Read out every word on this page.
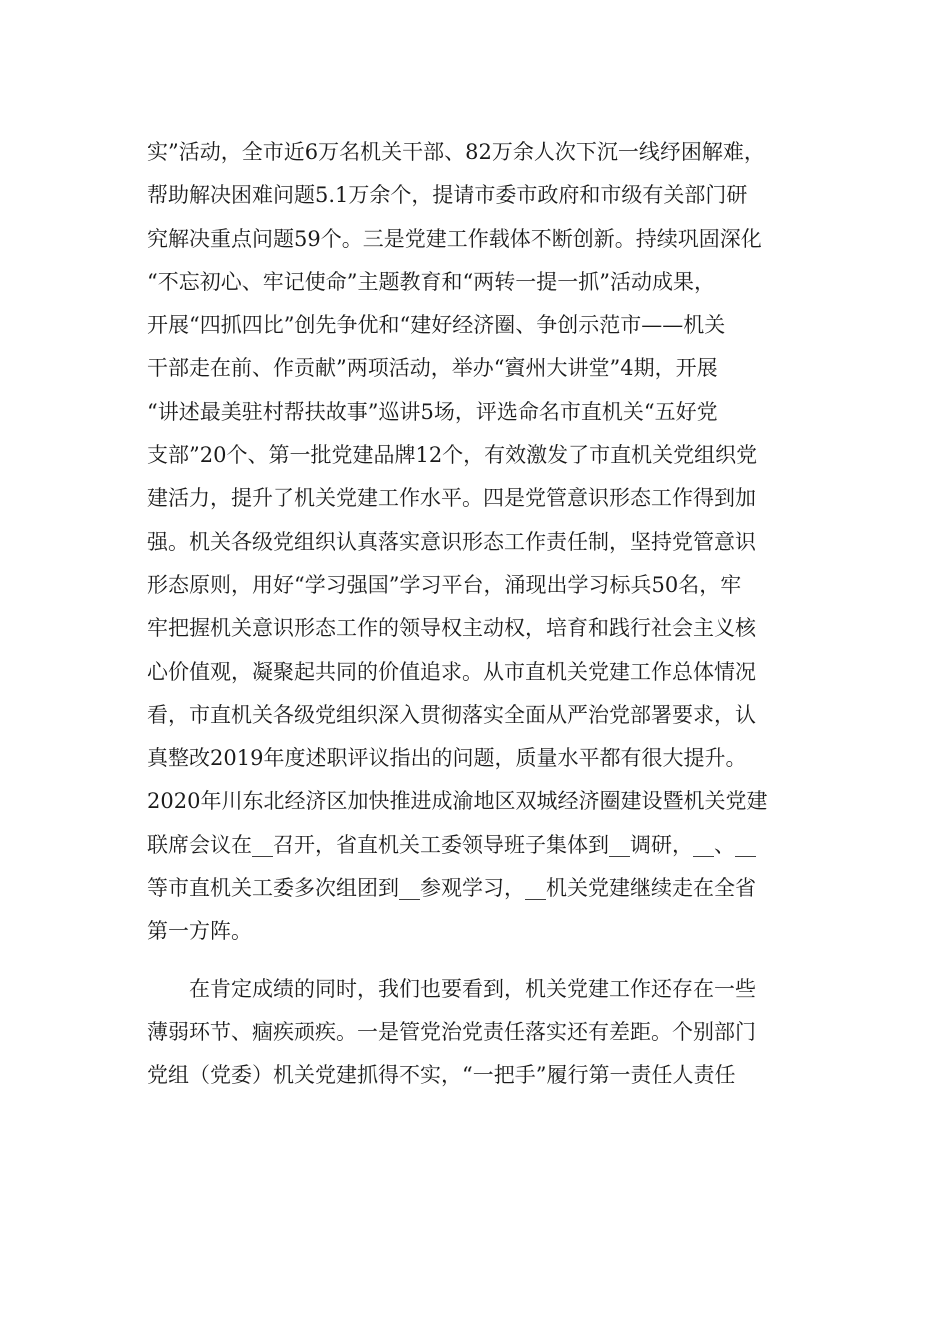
实”活动，全市近6万名机关干部、82万余人次下沉一线纾困解难，
帮助解决困难问题5.1万余个，提请市委市政府和市级有关部门研
究解决重点问题59个。三是党建工作载体不断创新。持续巩固深化
“不忘初心、牢记使命”主题教育和“两转一提一抓”活动成果，
开展“四抓四比”创先争优和“建好经济圈、争创示范市——机关
干部走在前、作贡献”两项活动，举办“賨州大讲堂”4期，开展
“讲述最美驻村帮扶故事”巡讲5场，评选命名市直机关“五好党
支部”20个、第一批党建品牌12个，有效激发了市直机关党组织党
建活力，提升了机关党建工作水平。四是党管意识形态工作得到加
强。机关各级党组织认真落实意识形态工作责任制，坚持党管意识
形态原则，用好“学习强国”学习平台，涌现出学习标兵50名，牢
牢把握机关意识形态工作的领导权主动权，培育和践行社会主义核
心价值观，凝聚起共同的价值追求。从市直机关党建工作总体情况
看，市直机关各级党组织深入贯彻落实全面从严治党部署要求，认
真整改2019年度述职评议指出的问题，质量水平都有很大提升。
2020年川东北经济区加快推进成渝地区双城经济圈建设暨机关党建
联席会议在__召开，省直机关工委领导班子集体到__调研，__、__
等市直机关工委多次组团到__参观学习，__机关党建继续走在全省
第一方阵。
在肯定成绩的同时，我们也要看到，机关党建工作还存在一些
薄弱环节、痼疾顽疾。一是管党治党责任落实还有差距。个别部门
党组（党委）机关党建抓得不实，“一把手”履行第一责任人责任
